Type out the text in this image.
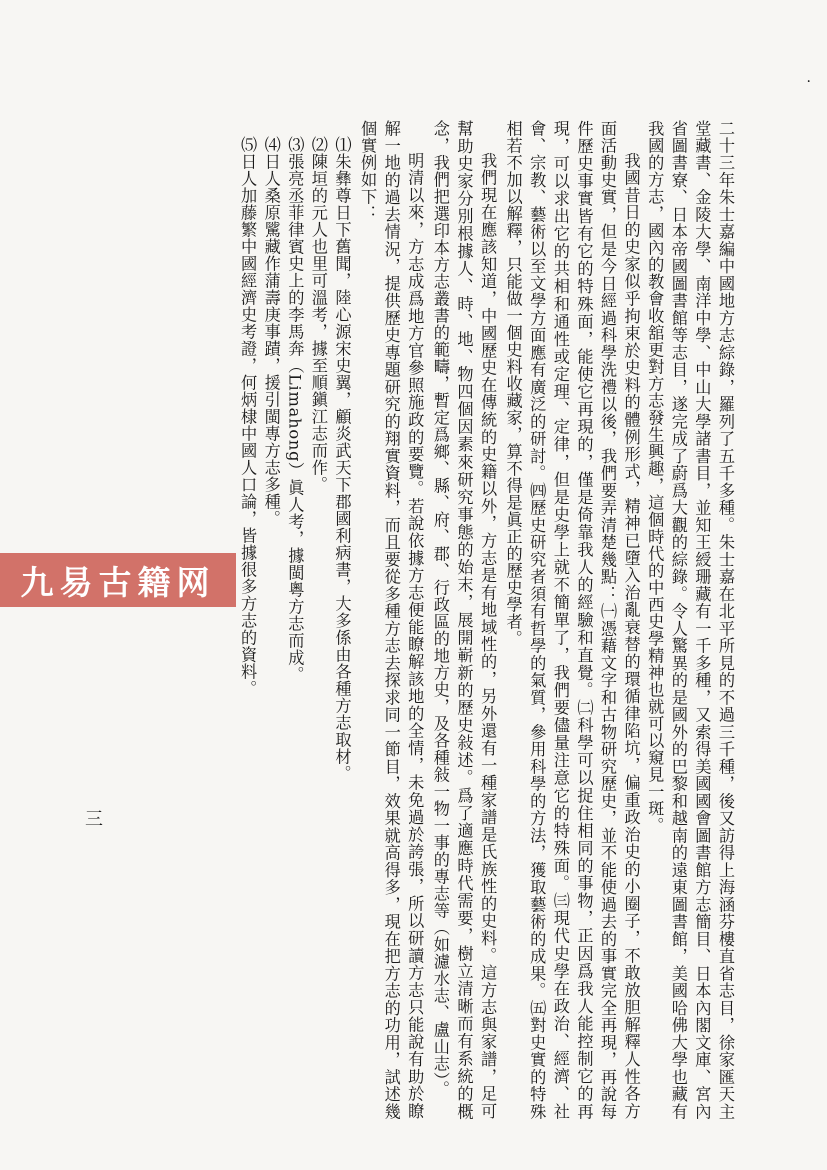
二十三年朱士嘉編中國地方志綜錄，羅列了五千多種。朱士嘉在北平所見的不過三千種，後又訪得上海涵芬樓直省志目，徐家匯天主堂藏書、金陵大學、南洋中學、中山大學諸書目，並知王綬珊藏有一千多種，又索得美國國會圖書館方志簡目、日本內閣文庫、宮內省圖書寮、日本帝國圖書館等志目，遂完成了蔚爲大觀的綜錄。令人驚異的是國外的巴黎和越南的遠東圖書館，美國哈佛大學也藏有我國的方志，國內的教會收舘更對方志發生興趣，這個時代的中西史學精神也就可以窺見一斑。

我國昔日的史家似乎拘束於史料的體例形式，精神已墮入治亂衰替的環循律陷坑，偏重政治史的小圈子，不敢放胆解釋人性各方面活動史實，但是今日經過科學洗禮以後，我們要弄清楚幾點：㈠憑藉文字和古物研究歷史，並不能使過去的事實完全再現，再說每件歷史事實皆有它的特殊面，能使它再現的，僅是倚靠我人的經驗和直覺。㈡科學可以捉住相同的事物，正因爲我人能控制它的再現，可以求出它的共相和通性或定理、定律，但是史學上就不簡單了，我們要儘量注意它的特殊面。㈢現代史學在政治、經濟、社會、宗教、藝術以至文學方面應有廣泛的研討。㈣歷史研究者須有哲學的氣質，參用科學的方法，獲取藝術的成果。㈤對史實的特殊相若不加以解釋，只能做一個史料收藏家，算不得是眞正的歷史學者。

我們現在應該知道，中國歷史在傳統的史籍以外，方志是有地域性的，另外還有一種家譜是氏族性的史料。這方志與家譜，足可幫助史家分別根據人、時、地、物四個因素來研究事態的始末，展開嶄新的歷史敍述。爲了適應時代需要，樹立清晰而有系統的概念，我們把選印本方志叢書的範疇，暫定爲鄉、縣、府、郡、行政區的地方史，及各種敍一物一事的專志等（如濾水志、盧山志）。

明清以來，方志成爲地方官參照施政的要覽。若說依據方志便能瞭解該地的全情，未免過於誇張，所以研讀方志只能說有助於瞭解一地的過去情況，提供歷史專題研究的翔實資料，而且要從多種方志去探求同一節目，效果就高得多，現在把方志的功用，試述幾個實例如下：

⑴朱彝尊日下舊聞，陸心源宋史翼，顧炎武天下郡國利病書，大多係由各種方志取材。

⑵陳垣的元人也里可溫考，據至順鎭江志而作。

⑶張亮丞菲律賓史上的李馬奔（Limahong）眞人考，據閩粵方志而成。

⑷日人桑原騭藏作蒲壽庚事蹟，援引閩專方志多種。

⑸日人加藤繁中國經濟史考證，何炳棣中國人口論，皆據很多方志的資料。

·
三
九易古籍网
